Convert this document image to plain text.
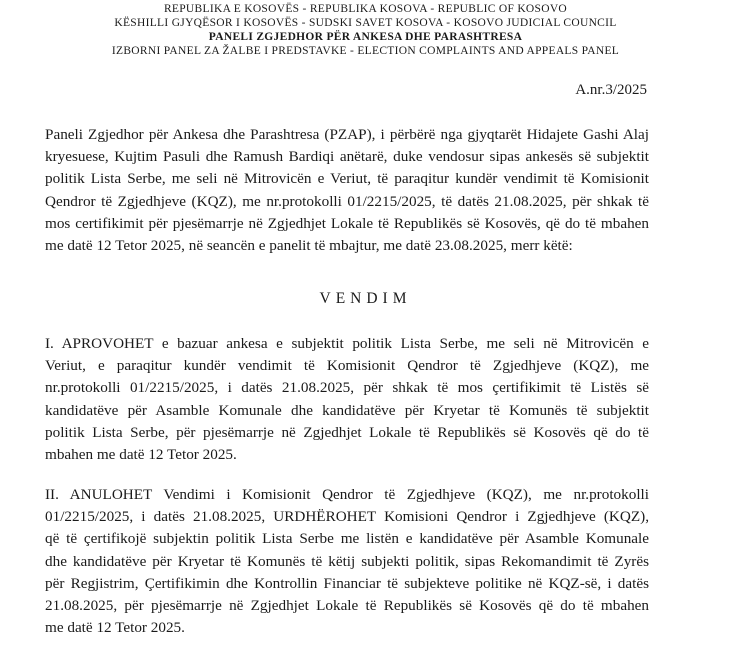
REPUBLIKA E KOSOVËS - REPUBLIKA KOSOVA - REPUBLIC OF KOSOVO
KËSHILLI GJYQËSOR I KOSOVËS - SUDSKI SAVET KOSOVA - KOSOVO JUDICIAL COUNCIL
PANELI ZGJEDHOR PËR ANKESA DHE PARASHTRESA
IZBORNI PANEL ZA ŽALBE I PREDSTAVKE - ELECTION COMPLAINTS AND APPEALS PANEL
A.nr.3/2025
Paneli Zgjedhor për Ankesa dhe Parashtresa (PZAP), i përbërë nga gjyqtarët Hidajete Gashi Alaj
kryesuese, Kujtim Pasuli dhe Ramush Bardiqi anëtarë, duke vendosur sipas ankesës së subjektit
politik Lista Serbe, me seli në Mitrovicën e Veriut, të paraqitur kundër vendimit të Komisionit
Qendror të Zgjedhjeve (KQZ), me nr.protokolli 01/2215/2025, të datës 21.08.2025, për shkak të
mos certifikimit për pjesëmarrje në Zgjedhjet Lokale të Republikës së Kosovës, që do të mbahen
me datë 12 Tetor 2025, në seancën e panelit të mbajtur, me datë 23.08.2025, merr këtë:
VENDIM
I. APROVOHET e bazuar ankesa e subjektit politik Lista Serbe, me seli në Mitrovicën e
Veriut, e paraqitur kundër vendimit të Komisionit Qendror të Zgjedhjeve (KQZ), me
nr.protokolli 01/2215/2025, i datës 21.08.2025, për shkak të mos çertifikimit të Listës së
kandidatëve për Asamble Komunale dhe kandidatëve për Kryetar të Komunës të subjektit
politik Lista Serbe, për pjesëmarrje në Zgjedhjet Lokale të Republikës së Kosovës që do të
mbahen me datë 12 Tetor 2025.
II. ANULOHET Vendimi i Komisionit Qendror të Zgjedhjeve (KQZ), me nr.protokolli
01/2215/2025, i datës 21.08.2025, URDHËROHET Komisioni Qendror i Zgjedhjeve (KQZ),
që të çertifikojë subjektin politik Lista Serbe me listën e kandidatëve për Asamble Komunale
dhe kandidatëve për Kryetar të Komunës të këtij subjekti politik, sipas Rekomandimit të Zyrës
për Regjistrim, Çertifikimin dhe Kontrollin Financiar të subjekteve politike në KQZ-së, i datës
21.08.2025, për pjesëmarrje në Zgjedhjet Lokale të Republikës së Kosovës që do të mbahen
me datë 12 Tetor 2025.
